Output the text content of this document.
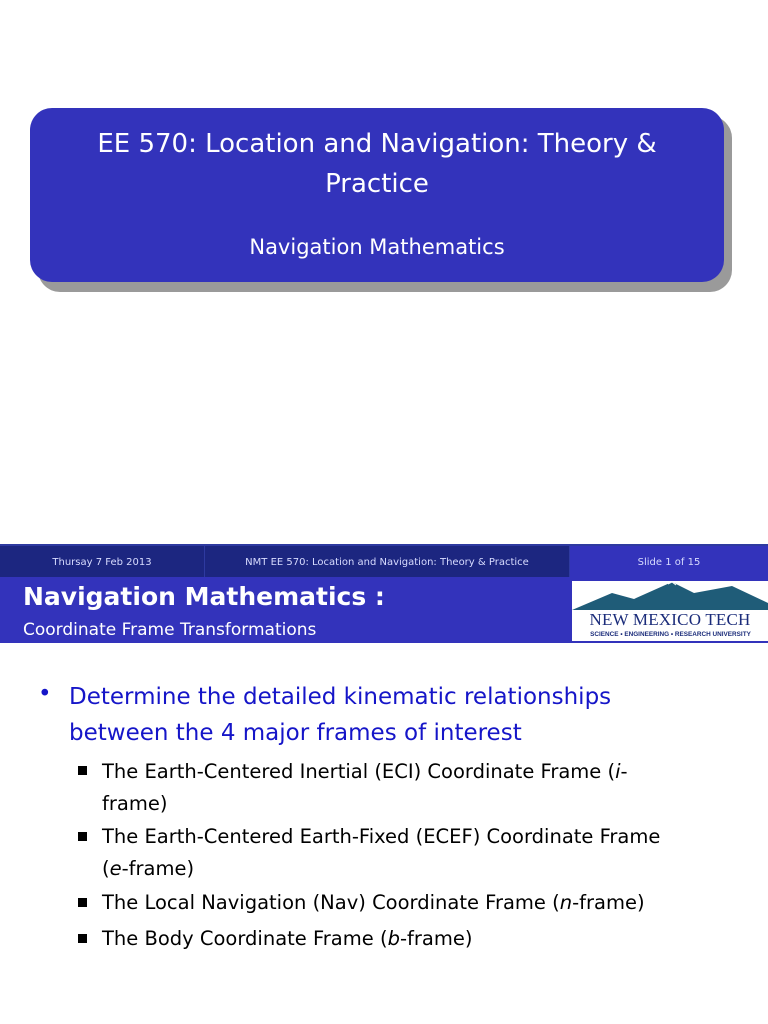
EE 570: Location and Navigation: Theory &
Practice
Navigation Mathematics
Thursay 7 Feb 2013	NMT EE 570: Location and Navigation: Theory & Practice	Slide 1 of 15
Navigation Mathematics :
Coordinate Frame Transformations
NEW MEXICO TECH
SCIENCE • ENGINEERING • RESEARCH UNIVERSITY
• Determine the detailed kinematic relationships
between the 4 major frames of interest
The Earth-Centered Inertial (ECI) Coordinate Frame (i-
frame)
The Earth-Centered Earth-Fixed (ECEF) Coordinate Frame
(e-frame)
The Local Navigation (Nav) Coordinate Frame (n-frame)
The Body Coordinate Frame (b-frame)
